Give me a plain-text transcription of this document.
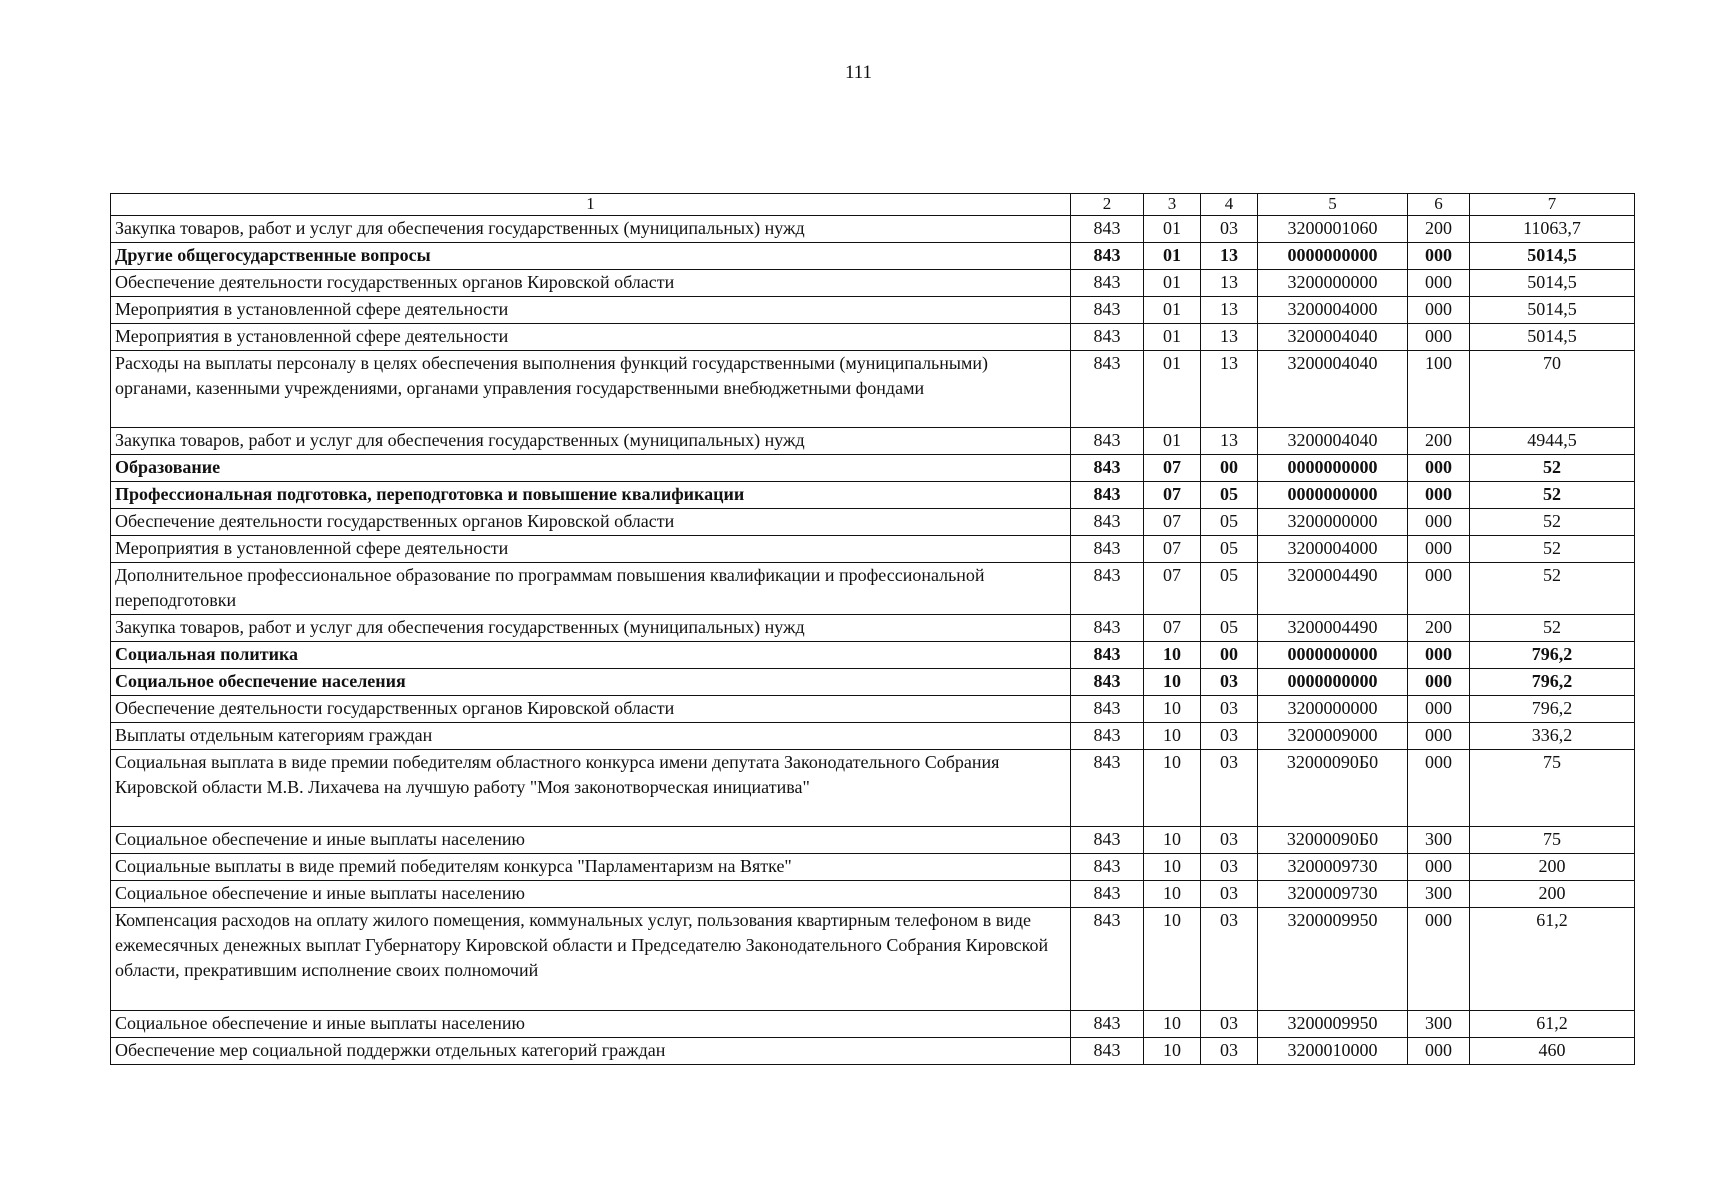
111
1	2	3	4	5	6	7
Закупка товаров, работ и услуг для обеспечения государственных (муниципальных) нужд	843	01	03	3200001060	200	11063,7
Другие общегосударственные вопросы	843	01	13	0000000000	000	5014,5
Обеспечение деятельности государственных органов Кировской области	843	01	13	3200000000	000	5014,5
Мероприятия в установленной сфере деятельности	843	01	13	3200004000	000	5014,5
Мероприятия в установленной сфере деятельности	843	01	13	3200004040	000	5014,5
Расходы на выплаты персоналу в целях обеспечения выполнения функций государственными (муниципальными) органами, казенными учреждениями, органами управления государственными внебюджетными фондами	843	01	13	3200004040	100	70
Закупка товаров, работ и услуг для обеспечения государственных (муниципальных) нужд	843	01	13	3200004040	200	4944,5
Образование	843	07	00	0000000000	000	52
Профессиональная подготовка, переподготовка и повышение квалификации	843	07	05	0000000000	000	52
Обеспечение деятельности государственных органов Кировской области	843	07	05	3200000000	000	52
Мероприятия в установленной сфере деятельности	843	07	05	3200004000	000	52
Дополнительное профессиональное образование по программам повышения квалификации и профессиональной переподготовки	843	07	05	3200004490	000	52
Закупка товаров, работ и услуг для обеспечения государственных (муниципальных) нужд	843	07	05	3200004490	200	52
Социальная политика	843	10	00	0000000000	000	796,2
Социальное обеспечение населения	843	10	03	0000000000	000	796,2
Обеспечение деятельности государственных органов Кировской области	843	10	03	3200000000	000	796,2
Выплаты отдельным категориям граждан	843	10	03	3200009000	000	336,2
Социальная выплата в виде премии победителям областного конкурса имени депутата Законодательного Собрания Кировской области М.В. Лихачева на лучшую работу "Моя законотворческая инициатива"	843	10	03	32000090Б0	000	75
Социальное обеспечение и иные выплаты населению	843	10	03	32000090Б0	300	75
Социальные выплаты в виде премий победителям конкурса "Парламентаризм на Вятке"	843	10	03	3200009730	000	200
Социальное обеспечение и иные выплаты населению	843	10	03	3200009730	300	200
Компенсация расходов на оплату жилого помещения, коммунальных услуг, пользования квартирным телефоном в виде ежемесячных денежных выплат Губернатору Кировской области и Председателю Законодательного Собрания Кировской области, прекратившим исполнение своих полномочий	843	10	03	3200009950	000	61,2
Социальное обеспечение и иные выплаты населению	843	10	03	3200009950	300	61,2
Обеспечение мер социальной поддержки отдельных категорий граждан	843	10	03	3200010000	000	460
